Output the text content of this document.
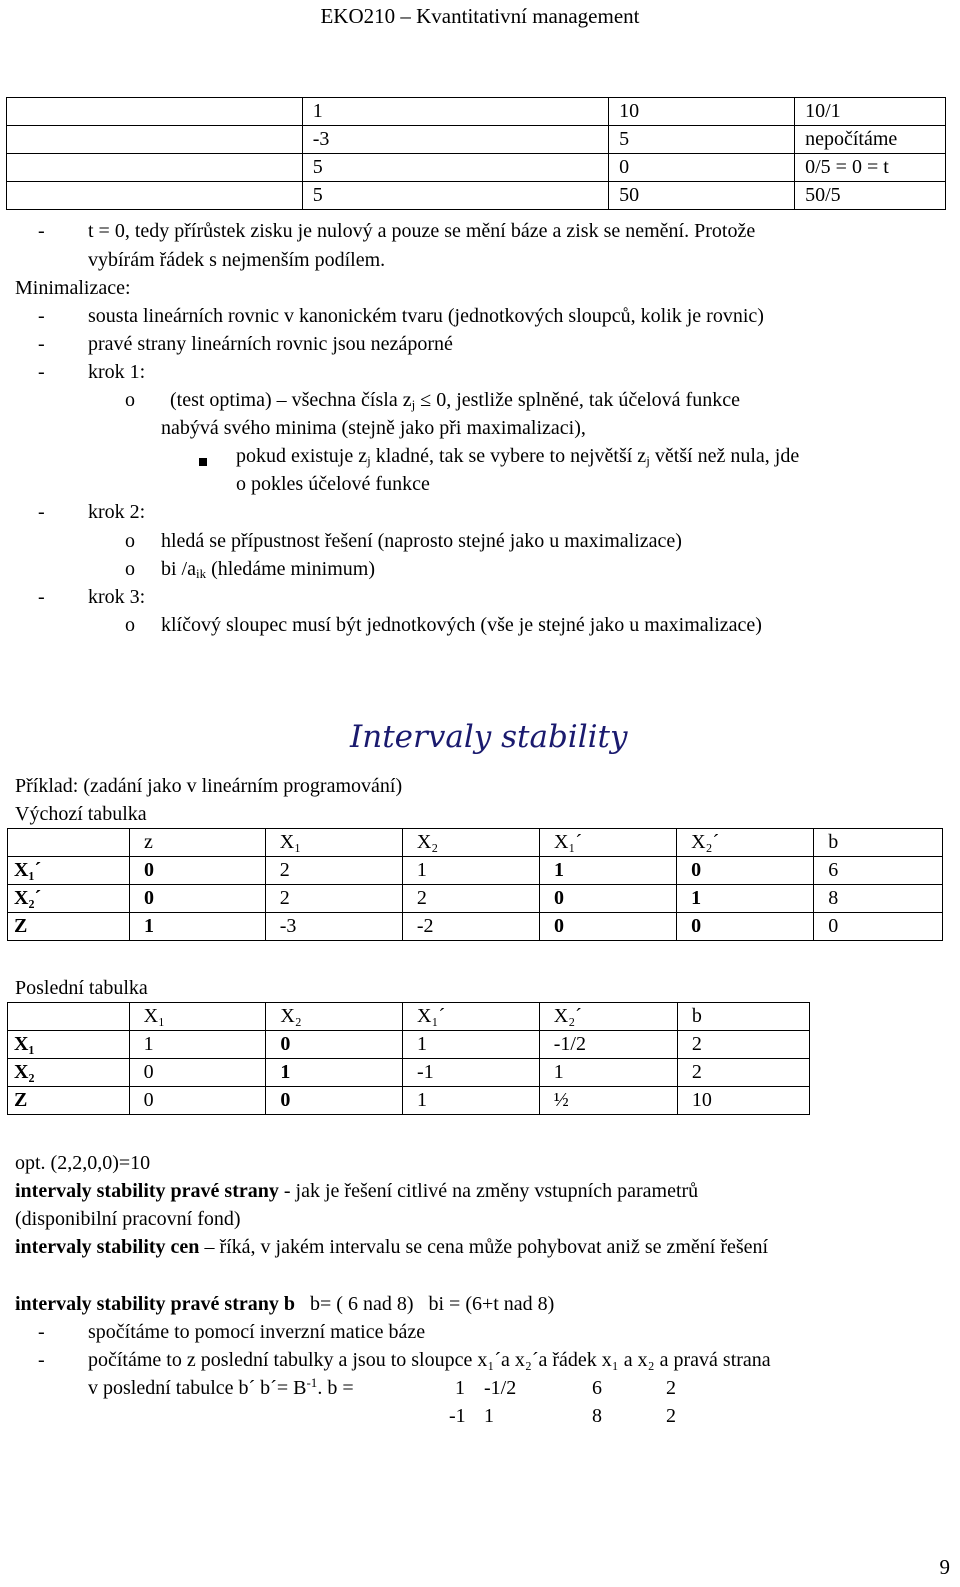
EKO210 – Kvantitativní management
	1	10	10/1
	-3	5	nepočítáme
	5	0	0/5 = 0 = t
	5	50	50/5
- t = 0, tedy přírůstek zisku je nulový a pouze se mění báze a zisk se nemění. Protože
vybírám řádek s nejmenším podílem.
Minimalizace:
- sousta lineárních rovnic v kanonickém tvaru (jednotkových sloupců, kolik je rovnic)
- pravé strany lineárních rovnic jsou nezáporné
- krok 1:
o (test optima) – všechna čísla $z_j \le 0$, jestliže splněné, tak účelová funkce
nabývá svého minima (stejně jako při maximalizaci),
pokud existuje $z_j$ kladné, tak se vybere to největší $z_j$ větší než nula, jde
o pokles účelové funkce
- krok 2:
o hledá se přípustnost řešení (naprosto stejné jako u maximalizace)
o bi $/a_{ik}$ (hledáme minimum)
- krok 3:
o klíčový sloupec musí být jednotkových (vše je stejné jako u maximalizace)
Intervaly stability
Příklad: (zadání jako v lineárním programování)
Výchozí tabulka
	z	X₁	X₂	X₁´	X₂´	b
X₁´	0	2	1	1	0	6
X₂´	0	2	2	0	1	8
Z	1	-3	-2	0	0	0
Poslední tabulka
	X₁	X₂	X₁´	X₂´	b
X₁	1	0	1	-1/2	2
X₂	0	1	-1	1	2
Z	0	0	1	½	10
opt. (2,2,0,0)=10
intervaly stability pravé strany - jak je řešení citlivé na změny vstupních parametrů
(disponibilní pracovní fond)
intervaly stability cen – říká, v jakém intervalu se cena může pohybovat aniž se změní řešení
intervaly stability pravé strany b   b= ( 6 nad 8)   bi = (6+t nad 8)
- spočítáme to pomocí inverzní matice báze
- počítáme to z poslední tabulky a jsou to sloupce x₁´a x₂´a řádek x₁ a x₂ a pravá strana
v poslední tabulce b´ b´= $B^{-1}$. b =	1 -1/2	6	2
-1 1	8	2
9
